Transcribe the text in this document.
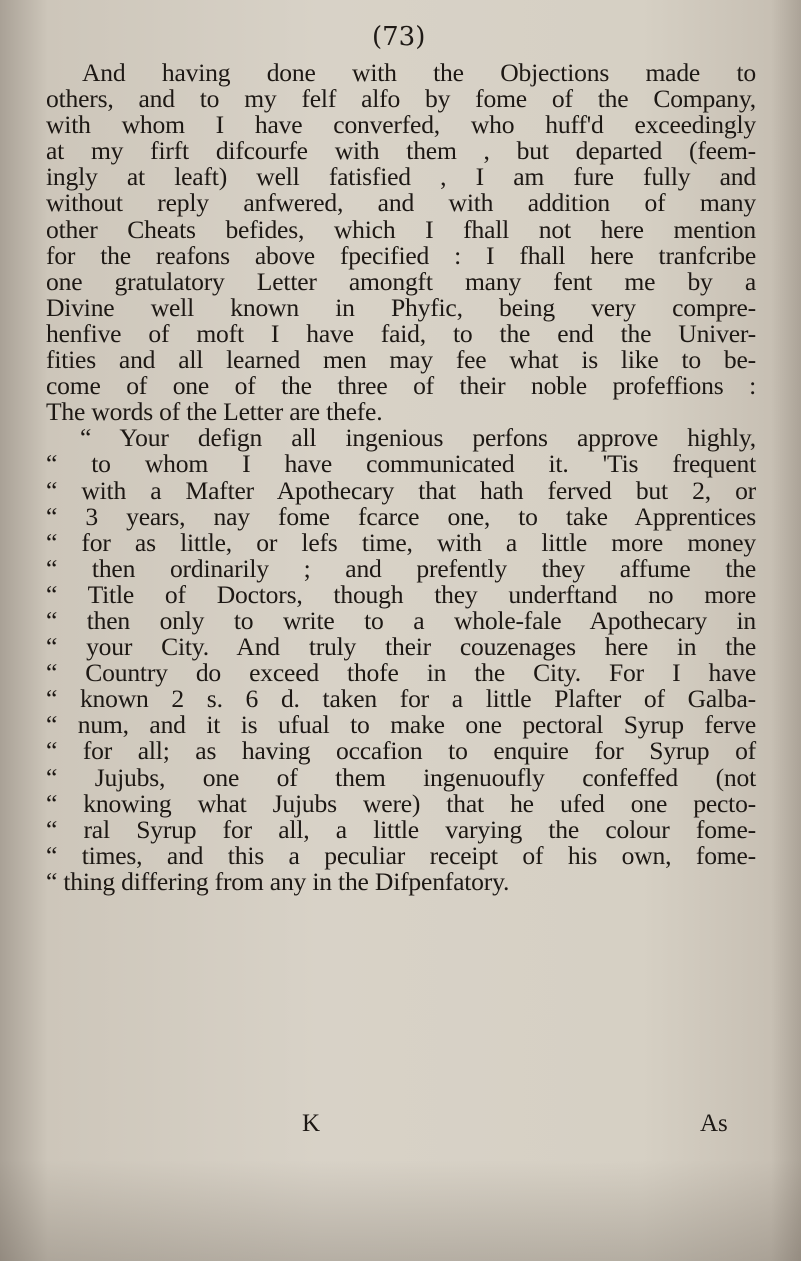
(73)
And having done with the Objections made to
others, and to my felf alfo by fome of the Company,
with whom I have converfed, who huff'd exceedingly
at my firft difcourfe with them , but departed (feem-
ingly at leaft) well fatisfied , I am fure fully and
without reply anfwered, and with addition of many
other Cheats befides, which I fhall not here mention
for the reafons above fpecified : I fhall here tranfcribe
one gratulatory Letter amongft many fent me by a
Divine well known in Phyfic, being very compre-
henfive of moft I have faid, to the end the Univer-
fities and all learned men may fee what is like to be-
come of one of the three of their noble profeffions :
The words of the Letter are thefe.
“ Your defign all ingenious perfons approve highly,
“ to whom I have communicated it. 'Tis frequent
“ with a Mafter Apothecary that hath ferved but 2, or
“ 3 years, nay fome fcarce one, to take Apprentices
“ for as little, or lefs time, with a little more money
“ then ordinarily ; and prefently they affume the
“ Title of Doctors, though they underftand no more
“ then only to write to a whole-fale Apothecary in
“ your City. And truly their couzenages here in the
“ Country do exceed thofe in the City. For I have
“ known 2 s. 6 d. taken for a little Plafter of Galba-
“ num, and it is ufual to make one pectoral Syrup ferve
“ for all; as having occafion to enquire for Syrup of
“ Jujubs, one of them ingenuoufly confeffed (not
“ knowing what Jujubs were) that he ufed one pecto-
“ ral Syrup for all, a little varying the colour fome-
“ times, and this a peculiar receipt of his own, fome-
“ thing differing from any in the Difpenfatory.
K	As
